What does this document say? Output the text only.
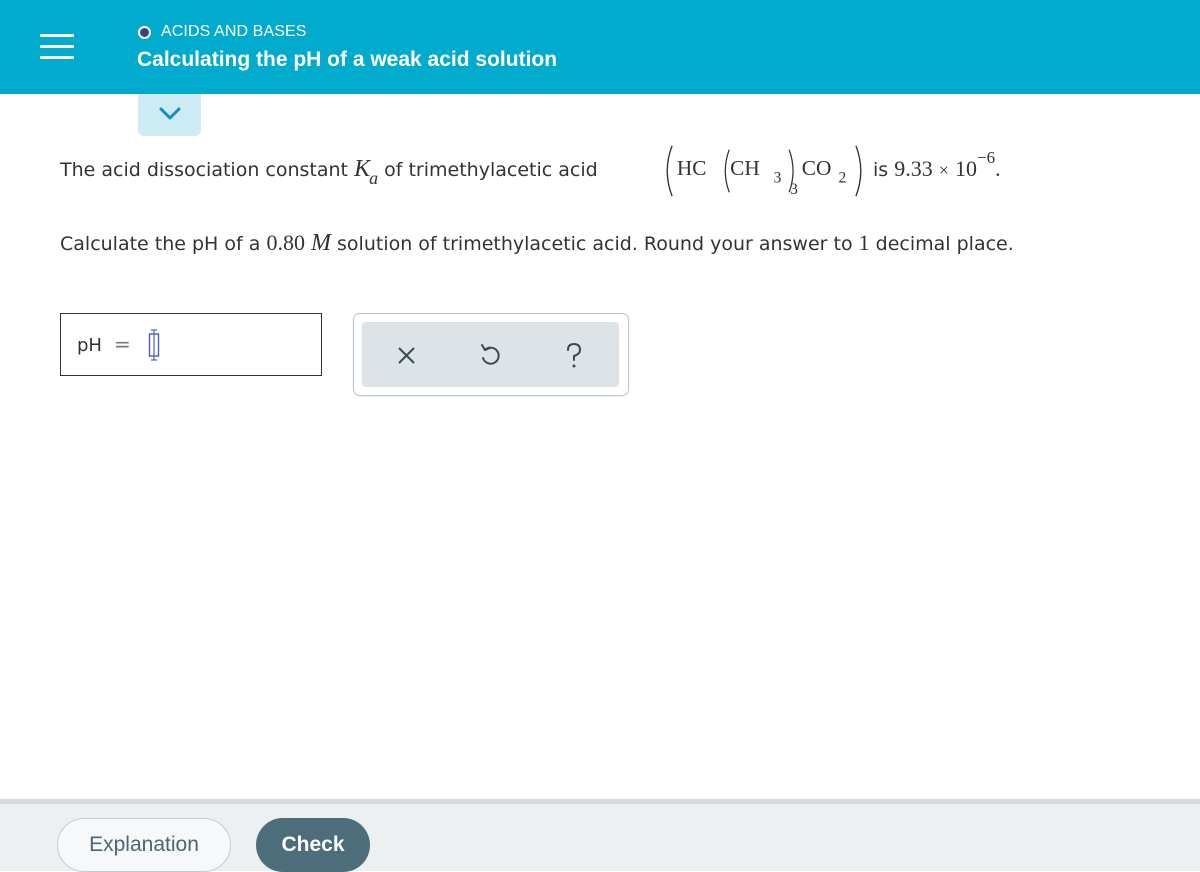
ACIDS AND BASES
Calculating the pH of a weak acid solution
The acid dissociation constant Ka of trimethylacetic acid	HC CH 3
3
CO 2 is 9.33 × 10−6.
Calculate the pH of a 0.80 M solution of trimethylacetic acid. Round your answer to 1 decimal place.
pH =
Explanation	Check
